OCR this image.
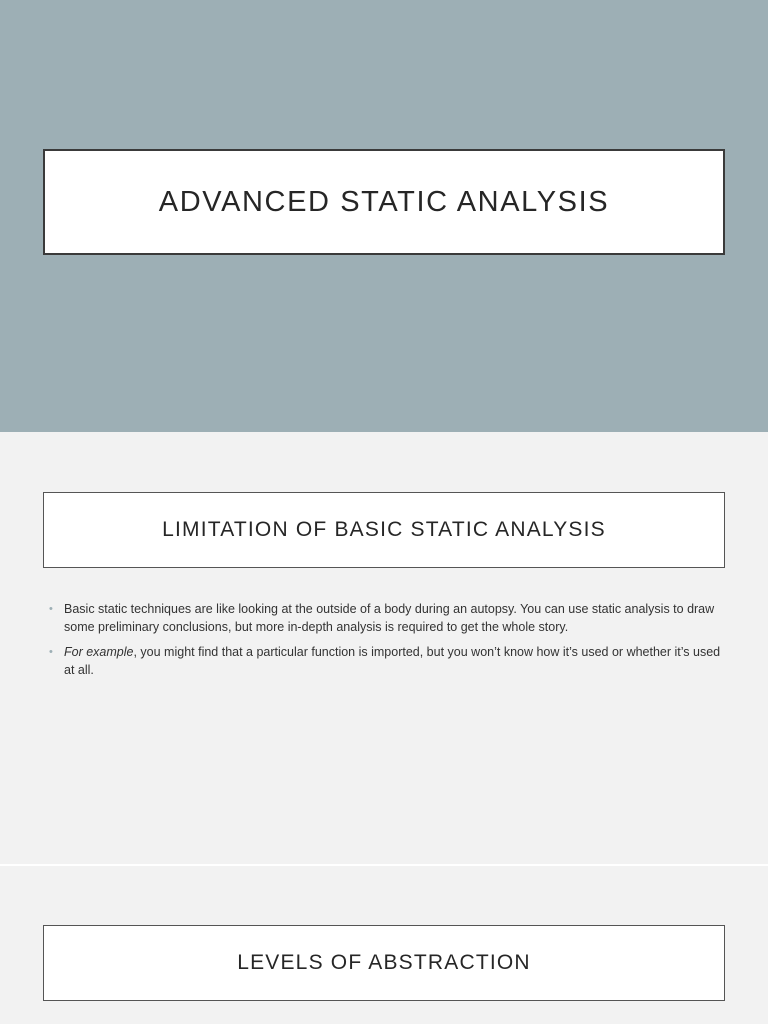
ADVANCED STATIC ANALYSIS
LIMITATION OF BASIC STATIC ANALYSIS
• Basic static techniques are like looking at the outside of a body during an autopsy. You can use static analysis to draw some preliminary conclusions, but more in-depth analysis is required to get the whole story.
• For example, you might find that a particular function is imported, but you won’t know how it’s used or whether it’s used at all.
LEVELS OF ABSTRACTION
